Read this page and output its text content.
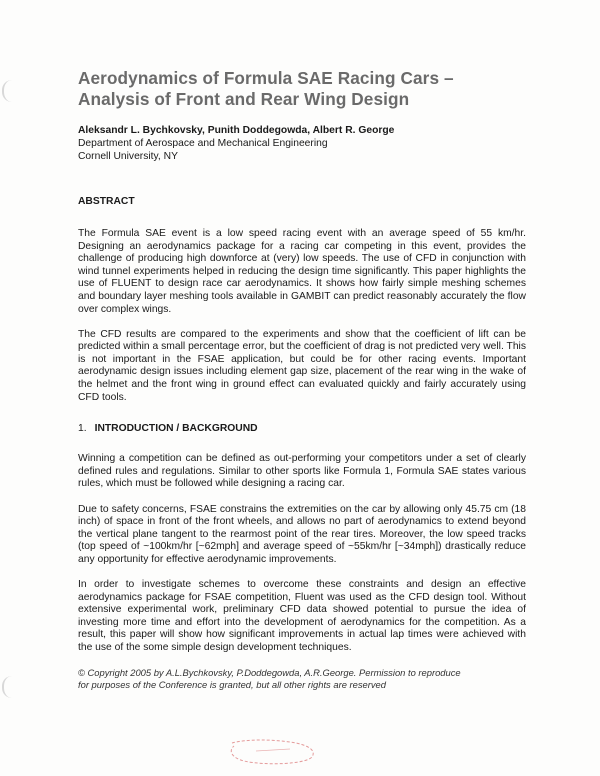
Aerodynamics of Formula SAE Racing Cars –
Analysis of Front and Rear Wing Design
Aleksandr L. Bychkovsky, Punith Doddegowda, Albert R. George
Department of Aerospace and Mechanical Engineering
Cornell University, NY
ABSTRACT

The Formula SAE event is a low speed racing event with an average speed of 55 km/hr. Designing an aerodynamics package for a racing car competing in this event, provides the challenge of producing high downforce at (very) low speeds. The use of CFD in conjunction with wind tunnel experiments helped in reducing the design time significantly. This paper highlights the use of FLUENT to design race car aerodynamics. It shows how fairly simple meshing schemes and boundary layer meshing tools available in GAMBIT can predict reasonably accurately the flow over complex wings.

The CFD results are compared to the experiments and show that the coefficient of lift can be predicted within a small percentage error, but the coefficient of drag is not predicted very well. This is not important in the FSAE application, but could be for other racing events. Important aerodynamic design issues including element gap size, placement of the rear wing in the wake of the helmet and the front wing in ground effect can evaluated quickly and fairly accurately using CFD tools.

1. INTRODUCTION / BACKGROUND

Winning a competition can be defined as out-performing your competitors under a set of clearly defined rules and regulations. Similar to other sports like Formula 1, Formula SAE states various rules, which must be followed while designing a racing car.

Due to safety concerns, FSAE constrains the extremities on the car by allowing only 45.75 cm (18 inch) of space in front of the front wheels, and allows no part of aerodynamics to extend beyond the vertical plane tangent to the rearmost point of the rear tires. Moreover, the low speed tracks (top speed of ~100km/hr [~62mph] and average speed of ~55km/hr [~34mph]) drastically reduce any opportunity for effective aerodynamic improvements.

In order to investigate schemes to overcome these constraints and design an effective aerodynamics package for FSAE competition, Fluent was used as the CFD design tool. Without extensive experimental work, preliminary CFD data showed potential to pursue the idea of investing more time and effort into the development of aerodynamics for the competition. As a result, this paper will show how significant improvements in actual lap times were achieved with the use of the some simple design development techniques.

© Copyright 2005 by A.L.Bychkovsky, P.Doddegowda, A.R.George. Permission to reproduce
for purposes of the Conference is granted, but all other rights are reserved
